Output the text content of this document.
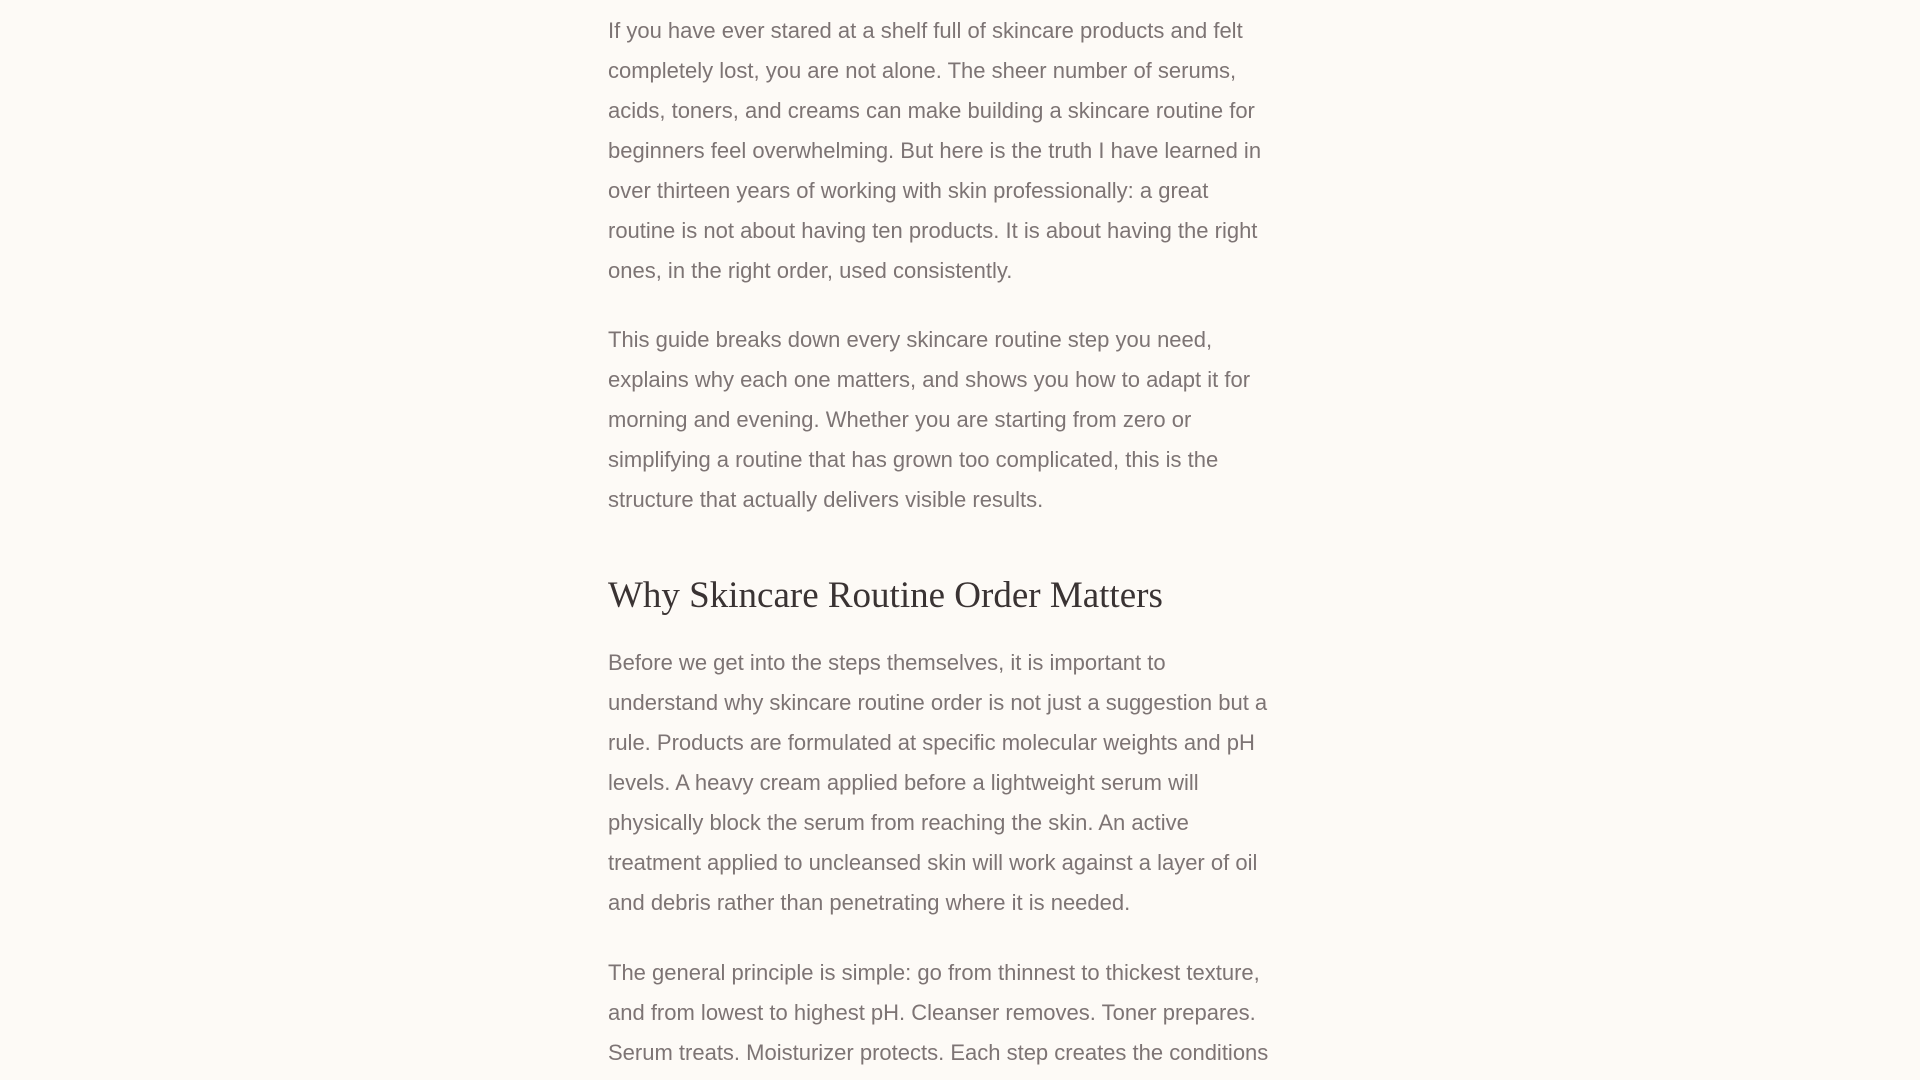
If you have ever stared at a shelf full of skincare products and felt
completely lost, you are not alone. The sheer number of serums,
acids, toners, and creams can make building a skincare routine for
beginners feel overwhelming. But here is the truth I have learned in
over thirteen years of working with skin professionally: a great
routine is not about having ten products. It is about having the right
ones, in the right order, used consistently.

This guide breaks down every skincare routine step you need,
explains why each one matters, and shows you how to adapt it for
morning and evening. Whether you are starting from zero or
simplifying a routine that has grown too complicated, this is the
structure that actually delivers visible results.

Why Skincare Routine Order Matters

Before we get into the steps themselves, it is important to
understand why skincare routine order is not just a suggestion but a
rule. Products are formulated at specific molecular weights and pH
levels. A heavy cream applied before a lightweight serum will
physically block the serum from reaching the skin. An active
treatment applied to uncleansed skin will work against a layer of oil
and debris rather than penetrating where it is needed.

The general principle is simple: go from thinnest to thickest texture,
and from lowest to highest pH. Cleanser removes. Toner prepares.
Serum treats. Moisturizer protects. Each step creates the conditions
